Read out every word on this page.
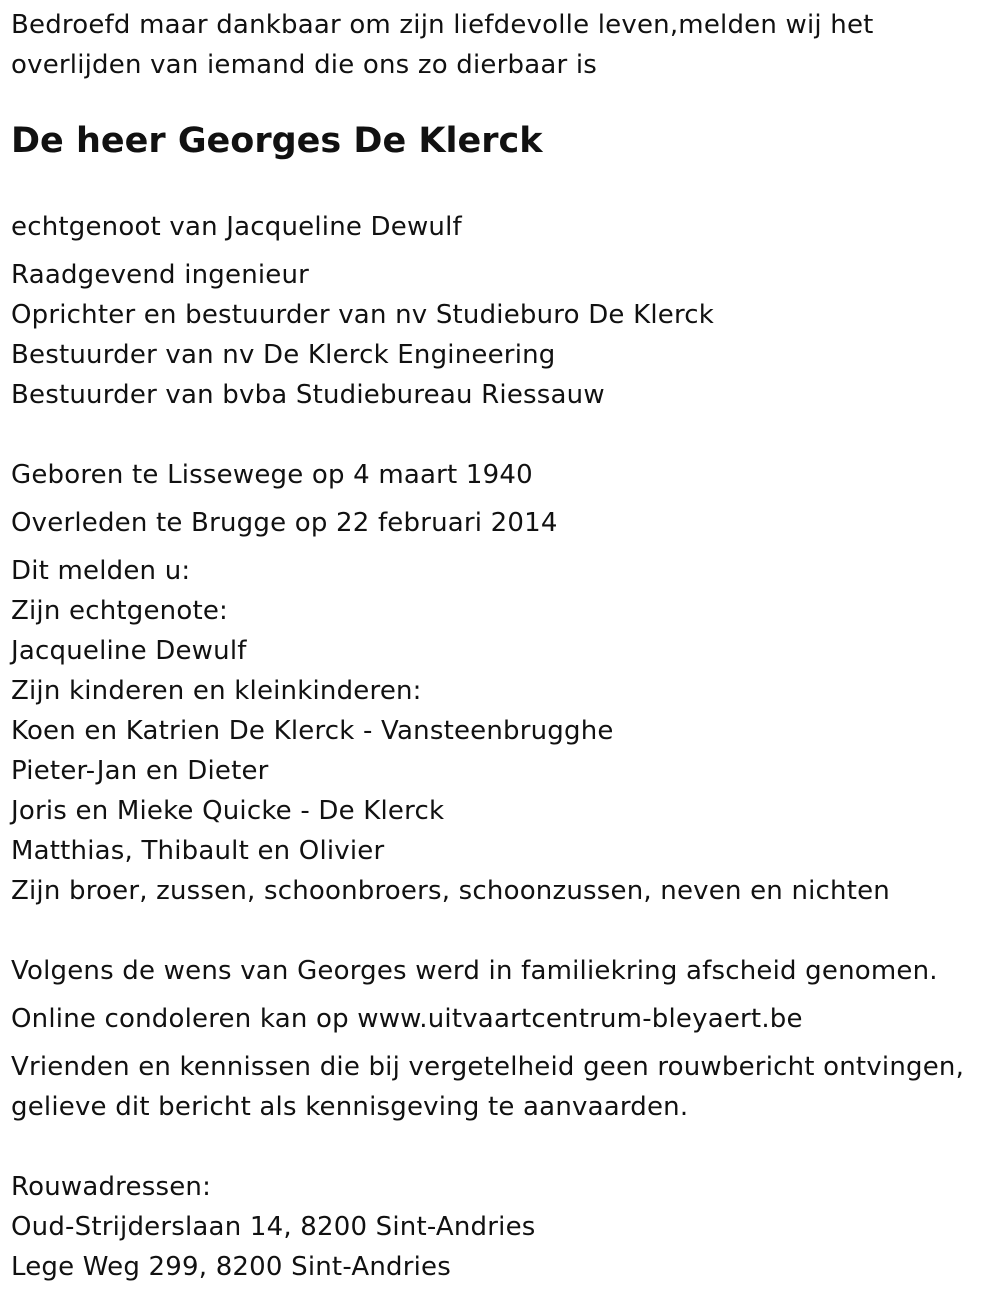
Bedroefd maar dankbaar om zijn liefdevolle leven,melden wij het
overlijden van iemand die ons zo dierbaar is
De heer Georges De Klerck
echtgenoot van Jacqueline Dewulf
Raadgevend ingenieur
Oprichter en bestuurder van nv Studieburo De Klerck
Bestuurder van nv De Klerck Engineering
Bestuurder van bvba Studiebureau Riessauw
Geboren te Lissewege op 4 maart 1940
Overleden te Brugge op 22 februari 2014
Dit melden u:
Zijn echtgenote:
Jacqueline Dewulf
Zijn kinderen en kleinkinderen:
Koen en Katrien De Klerck - Vansteenbrugghe
Pieter-Jan en Dieter
Joris en Mieke Quicke - De Klerck
Matthias, Thibault en Olivier
Zijn broer, zussen, schoonbroers, schoonzussen, neven en nichten
Volgens de wens van Georges werd in familiekring afscheid genomen.
Online condoleren kan op www.uitvaartcentrum-bleyaert.be
Vrienden en kennissen die bij vergetelheid geen rouwbericht ontvingen,
gelieve dit bericht als kennisgeving te aanvaarden.
Rouwadressen:
Oud-Strijderslaan 14, 8200 Sint-Andries
Lege Weg 299, 8200 Sint-Andries
